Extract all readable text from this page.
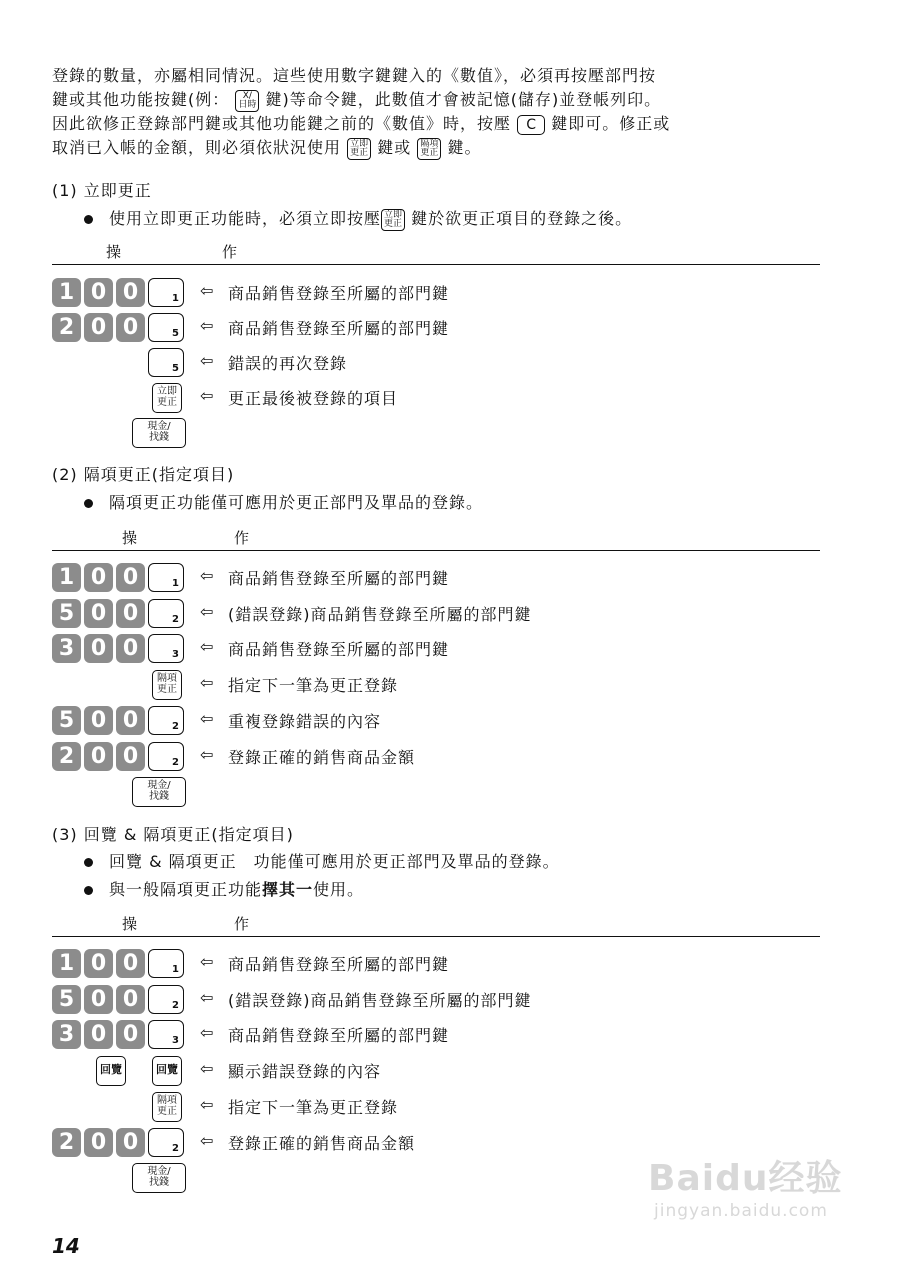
登錄的數量，亦屬相同情況。這些使用數字鍵鍵入的《數值》，必須再按壓部門按
鍵或其他功能按鍵(例： X/
日時 鍵)等命令鍵，此數值才會被記憶(儲存)並登帳列印。
因此欲修正登錄部門鍵或其他功能鍵之前的《數值》時，按壓 C 鍵即可。修正或
取消已入帳的金額，則必須依狀況使用 立即
更正 鍵或 隔項
更正 鍵。
(1) 立即更正
使用立即更正功能時，必須立即按壓 立即
更正 鍵於欲更正項目的登錄之後。
操	作
1 0 0	1 ⇦ 商品銷售登錄至所屬的部門鍵
2 0 0	5 ⇦ 商品銷售登錄至所屬的部門鍵
5 ⇦ 錯誤的再次登錄
立即
更正	⇦ 更正最後被登錄的項目
現金/
找錢
(2) 隔項更正(指定項目)
隔項更正功能僅可應用於更正部門及單品的登錄。
操	作
1 0 0	1 ⇦ 商品銷售登錄至所屬的部門鍵
5 0 0	2 ⇦ (錯誤登錄)商品銷售登錄至所屬的部門鍵
3 0 0	3 ⇦ 商品銷售登錄至所屬的部門鍵
隔項
更正	⇦ 指定下一筆為更正登錄
5 0 0	2 ⇦ 重複登錄錯誤的內容
2 0 0	2 ⇦ 登錄正確的銷售商品金額
現金/
找錢
(3) 回覽 & 隔項更正(指定項目)
回覽 & 隔項更正　功能僅可應用於更正部門及單品的登錄。
與一般隔項更正功能擇其一使用。
操	作
1 0 0	1 ⇦ 商品銷售登錄至所屬的部門鍵
5 0 0	2 ⇦ (錯誤登錄)商品銷售登錄至所屬的部門鍵
3 0 0	3 ⇦ 商品銷售登錄至所屬的部門鍵
回覽	回覽 ⇦ 顯示錯誤登錄的內容
隔項
更正	⇦ 指定下一筆為更正登錄
2 0 0	2 ⇦ 登錄正確的銷售商品金額
現金/
找錢
14
Baidu经验
jingyan.baidu.com
